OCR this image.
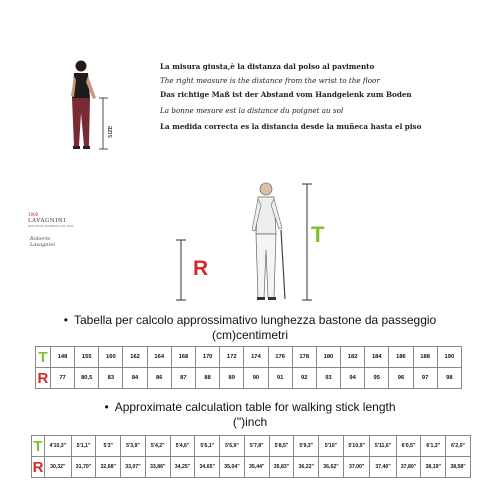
SIZE
La misura giusta,è la distanza dal polso al pavimento
The right measure is the distance from the wrist to the floor
Das richtige Maß ist der Abstand vom Handgelenk zum Boden
La bonne mesure est la distance du poignet au sol
La medida correcta es la distancia desde la muñeca hasta el piso
1900
LAVAGNINI
BASTONI DA PASSEGGIO DAL 1900
Roberto Lavagnini
R
T
• Tabella per calcolo approssimativo lunghezza bastone da passeggio
(cm)centimetri
T	148	155	160	162	164	168	170	172	174	176	178	180	182	184	186	188	190
R	77	80,5	83	84	86	87	88	89	90	91	92	93	94	95	96	97	98
• Approximate calculation table for walking stick length
(")inch
T	4'10,3"	5'1,1"	5'3"	5'3,9"	5'4,2"	5'4,6"	5'6,1"	5'6,9"	5'7,8"	5'8,5"	5'9,3"	5'10"	5'10,9"	5'11,6"	6'0,5"	6'1,3"	6'2,0"
R	30,32"	31,70"	32,68"	33,07"	33,86"	34,25"	34,65"	35,04"	35,44"	35,83"	36,22"	36,62"	37,00"	37,40"	37,80"	38,19"	38,58"
